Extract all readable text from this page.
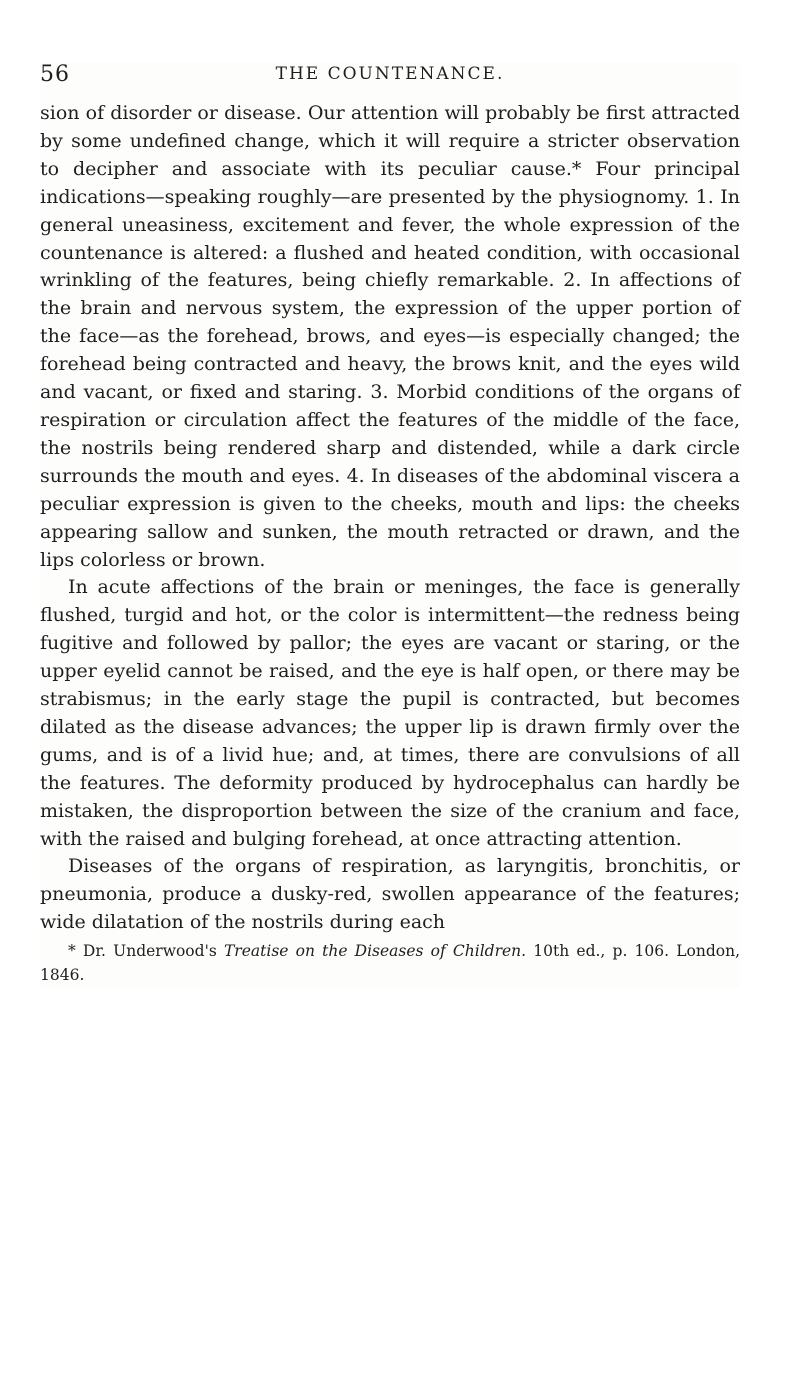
56	THE COUNTENANCE.

sion of disorder or disease. Our attention will probably be first attracted by some undefined change, which it will require a stricter observation to decipher and associate with its peculiar cause.* Four principal indications—speaking roughly—are presented by the physiognomy. 1. In general uneasiness, excitement and fever, the whole expression of the countenance is altered: a flushed and heated condition, with occasional wrinkling of the features, being chiefly remarkable. 2. In affections of the brain and nervous system, the expression of the upper portion of the face—as the forehead, brows, and eyes—is especially changed; the forehead being contracted and heavy, the brows knit, and the eyes wild and vacant, or fixed and staring. 3. Morbid conditions of the organs of respiration or circulation affect the features of the middle of the face, the nostrils being rendered sharp and distended, while a dark circle surrounds the mouth and eyes. 4. In diseases of the abdominal viscera a peculiar expression is given to the cheeks, mouth and lips: the cheeks appearing sallow and sunken, the mouth retracted or drawn, and the lips colorless or brown.

In acute affections of the brain or meninges, the face is generally flushed, turgid and hot, or the color is intermittent—the redness being fugitive and followed by pallor; the eyes are vacant or staring, or the upper eyelid cannot be raised, and the eye is half open, or there may be strabismus; in the early stage the pupil is contracted, but becomes dilated as the disease advances; the upper lip is drawn firmly over the gums, and is of a livid hue; and, at times, there are convulsions of all the features. The deformity produced by hydrocephalus can hardly be mistaken, the disproportion between the size of the cranium and face, with the raised and bulging forehead, at once attracting attention.

Diseases of the organs of respiration, as laryngitis, bronchitis, or pneumonia, produce a dusky-red, swollen appearance of the features; wide dilatation of the nostrils during each

* Dr. Underwood's Treatise on the Diseases of Children. 10th ed., p. 106. London, 1846.
